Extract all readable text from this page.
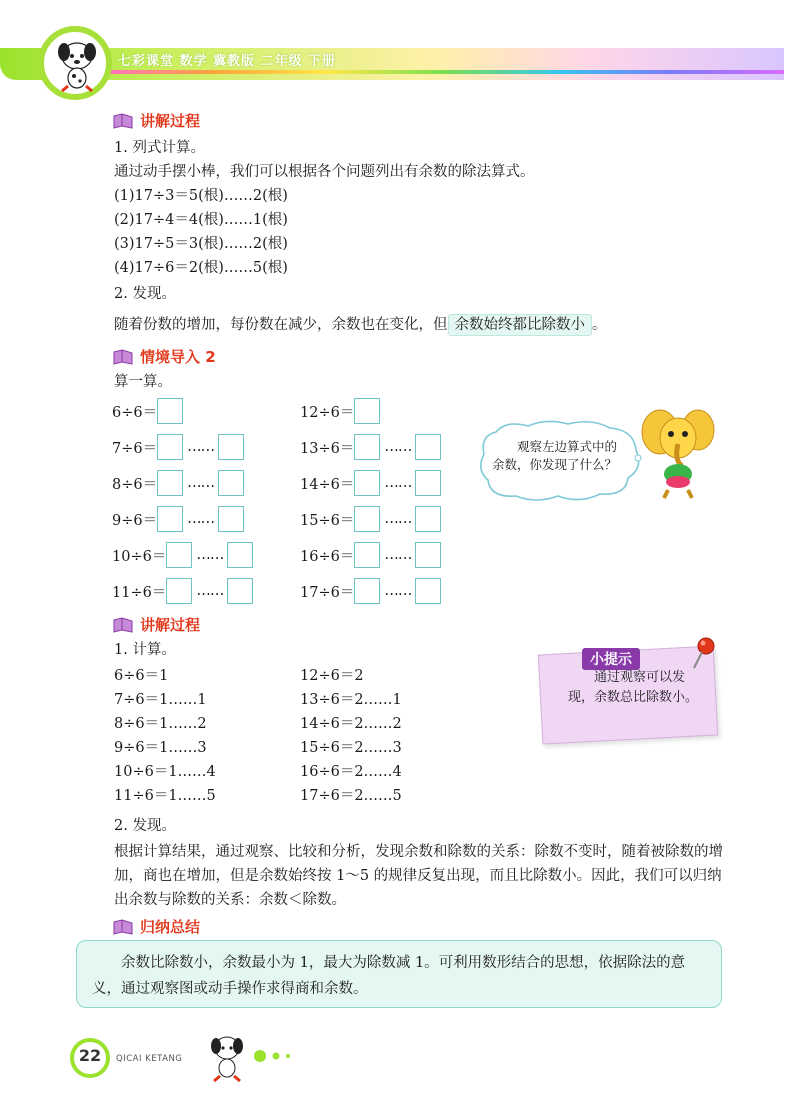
七彩课堂 数学 冀教版 二年级 下册
讲解过程
1. 列式计算。
通过动手摆小棒，我们可以根据各个问题列出有余数的除法算式。
(1)17÷3＝5(根)……2(根)
(2)17÷4＝4(根)……1(根)
(3)17÷5＝3(根)……2(根)
(4)17÷6＝2(根)……5(根)
2. 发现。
随着份数的增加，每份数在减少，余数也在变化，但 余数始终都比除数小 。
情境导入 2
算一算。
6÷6＝
7÷6＝ ……
8÷6＝ ……
9÷6＝ ……
10÷6＝ ……
11÷6＝ ……
12÷6＝
13÷6＝ ……
14÷6＝ ……
15÷6＝ ……
16÷6＝ ……
17÷6＝ ……
观察左边算式中的余数，你发现了什么？
讲解过程
1. 计算。
6÷6＝1
7÷6＝1……1
8÷6＝1……2
9÷6＝1……3
10÷6＝1……4
11÷6＝1……5
12÷6＝2
13÷6＝2……1
14÷6＝2……2
15÷6＝2……3
16÷6＝2……4
17÷6＝2……5
小提示
通过观察可以发现，余数总比除数小。
2. 发现。
根据计算结果，通过观察、比较和分析，发现余数和除数的关系：除数不变时，随着被除数的增加，商也在增加，但是余数始终按 1～5 的规律反复出现，而且比除数小。因此，我们可以归纳出余数与除数的关系：余数＜除数。
归纳总结
余数比除数小，余数最小为 1，最大为除数减 1。可利用数形结合的思想，依据除法的意义，通过观察图或动手操作求得商和余数。
22	QICAI KETANG
